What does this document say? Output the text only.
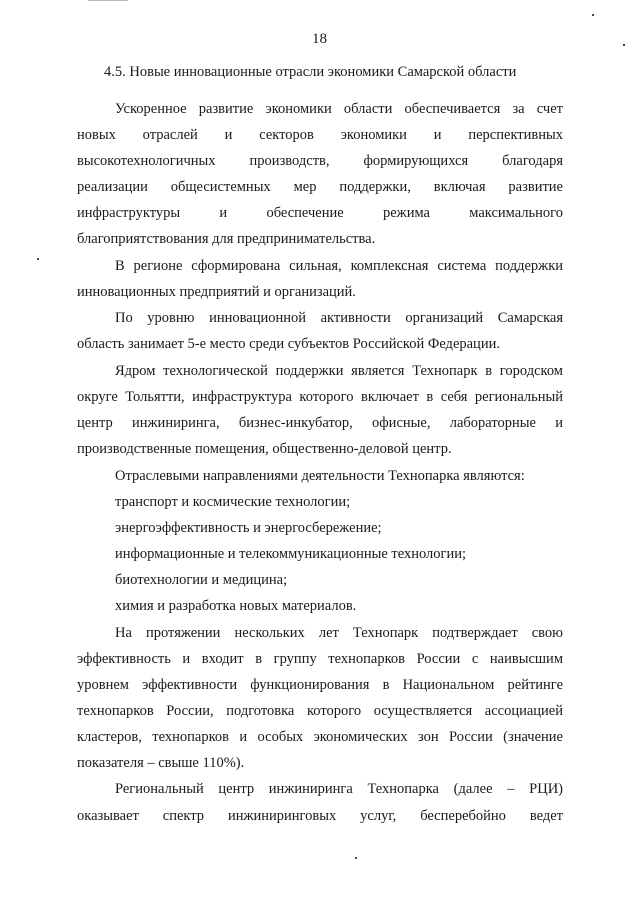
18
4.5. Новые инновационные отрасли экономики Самарской области
Ускоренное развитие экономики области обеспечивается за счет
новых отраслей и секторов экономики и перспективных
высокотехнологичных производств, формирующихся благодаря
реализации общесистемных мер поддержки, включая развитие
инфраструктуры и обеспечение режима максимального
благоприятствования для предпринимательства.
В регионе сформирована сильная, комплексная система поддержки
инновационных предприятий и организаций.
По уровню инновационной активности организаций Самарская
область занимает 5-е место среди субъектов Российской Федерации.
Ядром технологической поддержки является Технопарк в городском
округе Тольятти, инфраструктура которого включает в себя региональный
центр инжиниринга, бизнес-инкубатор, офисные, лабораторные и
производственные помещения, общественно-деловой центр.
Отраслевыми направлениями деятельности Технопарка являются:
транспорт и космические технологии;
энергоэффективность и энергосбережение;
информационные и телекоммуникационные технологии;
биотехнологии и медицина;
химия и разработка новых материалов.
На протяжении нескольких лет Технопарк подтверждает свою
эффективность и входит в группу технопарков России с наивысшим
уровнем эффективности функционирования в Национальном рейтинге
технопарков России, подготовка которого осуществляется ассоциацией
кластеров, технопарков и особых экономических зон России (значение
показателя – свыше 110%).
Региональный центр инжиниринга Технопарка (далее – РЦИ)
оказывает спектр инжиниринговых услуг, бесперебойно ведет
